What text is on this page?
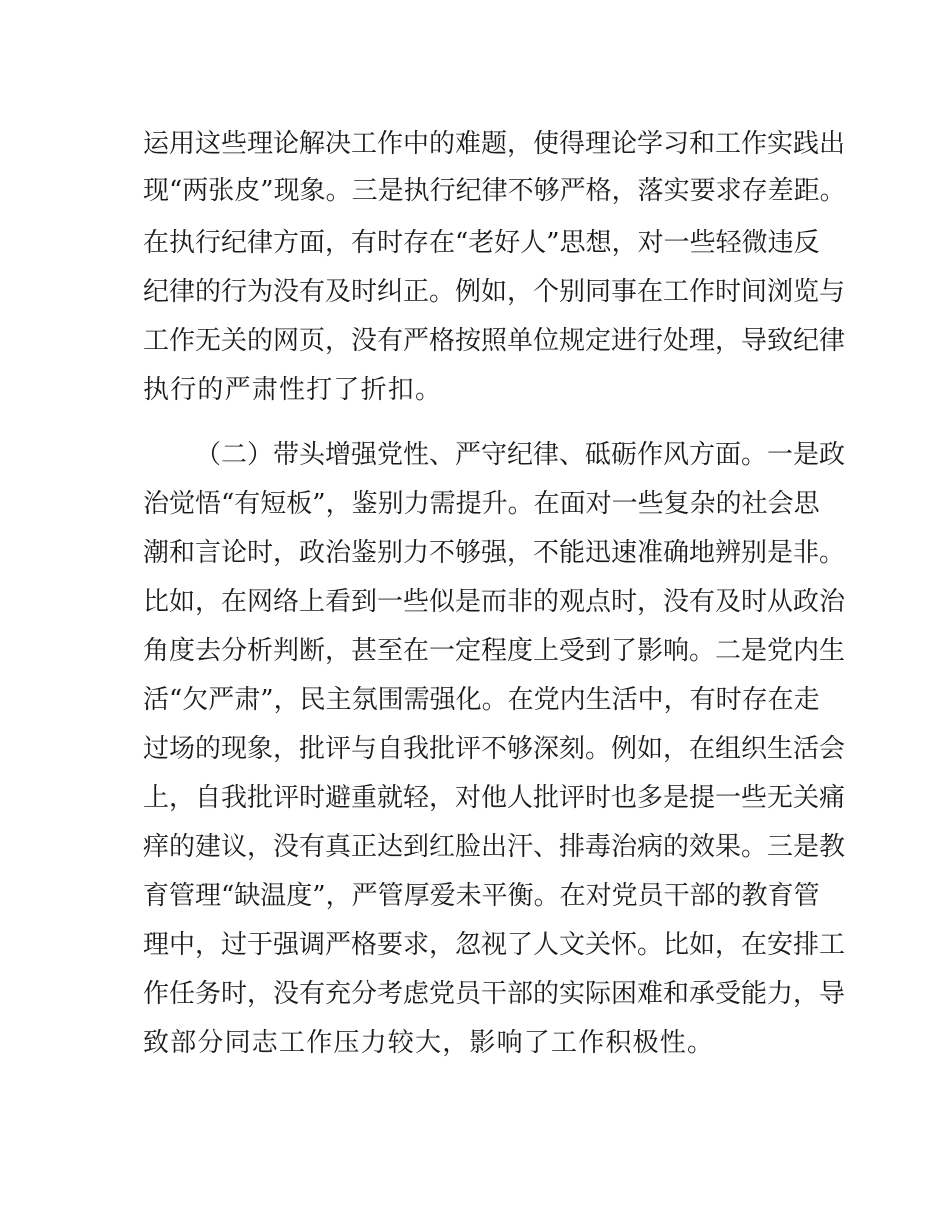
运用这些理论解决工作中的难题，使得理论学习和工作实践出
现“两张皮”现象。三是执行纪律不够严格，落实要求存差距。
在执行纪律方面，有时存在“老好人”思想，对一些轻微违反
纪律的行为没有及时纠正。例如，个别同事在工作时间浏览与
工作无关的网页，没有严格按照单位规定进行处理，导致纪律
执行的严肃性打了折扣。
（二）带头增强党性、严守纪律、砥砺作风方面。一是政
治觉悟“有短板”，鉴别力需提升。在面对一些复杂的社会思
潮和言论时，政治鉴别力不够强，不能迅速准确地辨别是非。
比如，在网络上看到一些似是而非的观点时，没有及时从政治
角度去分析判断，甚至在一定程度上受到了影响。二是党内生
活“欠严肃”，民主氛围需强化。在党内生活中，有时存在走
过场的现象，批评与自我批评不够深刻。例如，在组织生活会
上，自我批评时避重就轻，对他人批评时也多是提一些无关痛
痒的建议，没有真正达到红脸出汗、排毒治病的效果。三是教
育管理“缺温度”，严管厚爱未平衡。在对党员干部的教育管
理中，过于强调严格要求，忽视了人文关怀。比如，在安排工
作任务时，没有充分考虑党员干部的实际困难和承受能力，导
致部分同志工作压力较大，影响了工作积极性。
